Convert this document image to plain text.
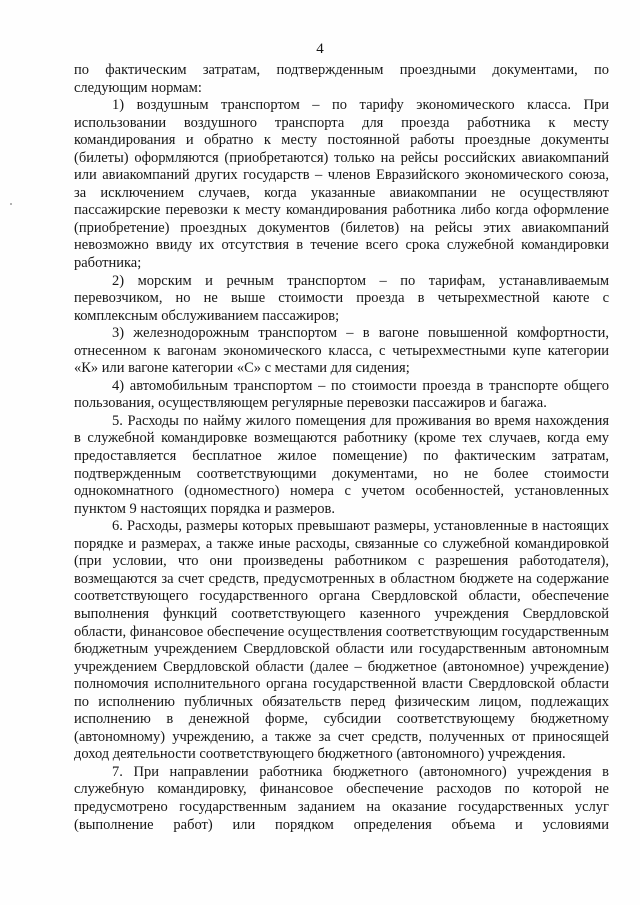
4

по фактическим затратам, подтвержденным проездными документами, по следующим нормам:

1) воздушным транспортом – по тарифу экономического класса. При использовании воздушного транспорта для проезда работника к месту командирования и обратно к месту постоянной работы проездные документы (билеты) оформляются (приобретаются) только на рейсы российских авиакомпаний или авиакомпаний других государств – членов Евразийского экономического союза, за исключением случаев, когда указанные авиакомпании не осуществляют пассажирские перевозки к месту командирования работника либо когда оформление (приобретение) проездных документов (билетов) на рейсы этих авиакомпаний невозможно ввиду их отсутствия в течение всего срока служебной командировки работника;

2) морским и речным транспортом – по тарифам, устанавливаемым перевозчиком, но не выше стоимости проезда в четырехместной каюте с комплексным обслуживанием пассажиров;

3) железнодорожным транспортом – в вагоне повышенной комфортности, отнесенном к вагонам экономического класса, с четырехместными купе категории «К» или вагоне категории «С» с местами для сидения;

4) автомобильным транспортом – по стоимости проезда в транспорте общего пользования, осуществляющем регулярные перевозки пассажиров и багажа.

5. Расходы по найму жилого помещения для проживания во время нахождения в служебной командировке возмещаются работнику (кроме тех случаев, когда ему предоставляется бесплатное жилое помещение) по фактическим затратам, подтвержденным соответствующими документами, но не более стоимости однокомнатного (одноместного) номера с учетом особенностей, установленных пунктом 9 настоящих порядка и размеров.

6. Расходы, размеры которых превышают размеры, установленные в настоящих порядке и размерах, а также иные расходы, связанные со служебной командировкой (при условии, что они произведены работником с разрешения работодателя), возмещаются за счет средств, предусмотренных в областном бюджете на содержание соответствующего государственного органа Свердловской области, обеспечение выполнения функций соответствующего казенного учреждения Свердловской области, финансовое обеспечение осуществления соответствующим государственным бюджетным учреждением Свердловской области или государственным автономным учреждением Свердловской области (далее – бюджетное (автономное) учреждение) полномочия исполнительного органа государственной власти Свердловской области по исполнению публичных обязательств перед физическим лицом, подлежащих исполнению в денежной форме, субсидии соответствующему бюджетному (автономному) учреждению, а также за счет средств, полученных от приносящей доход деятельности соответствующего бюджетного (автономного) учреждения.

7. При направлении работника бюджетного (автономного) учреждения в служебную командировку, финансовое обеспечение расходов по которой не предусмотрено государственным заданием на оказание государственных услуг (выполнение работ) или порядком определения объема и условиями
